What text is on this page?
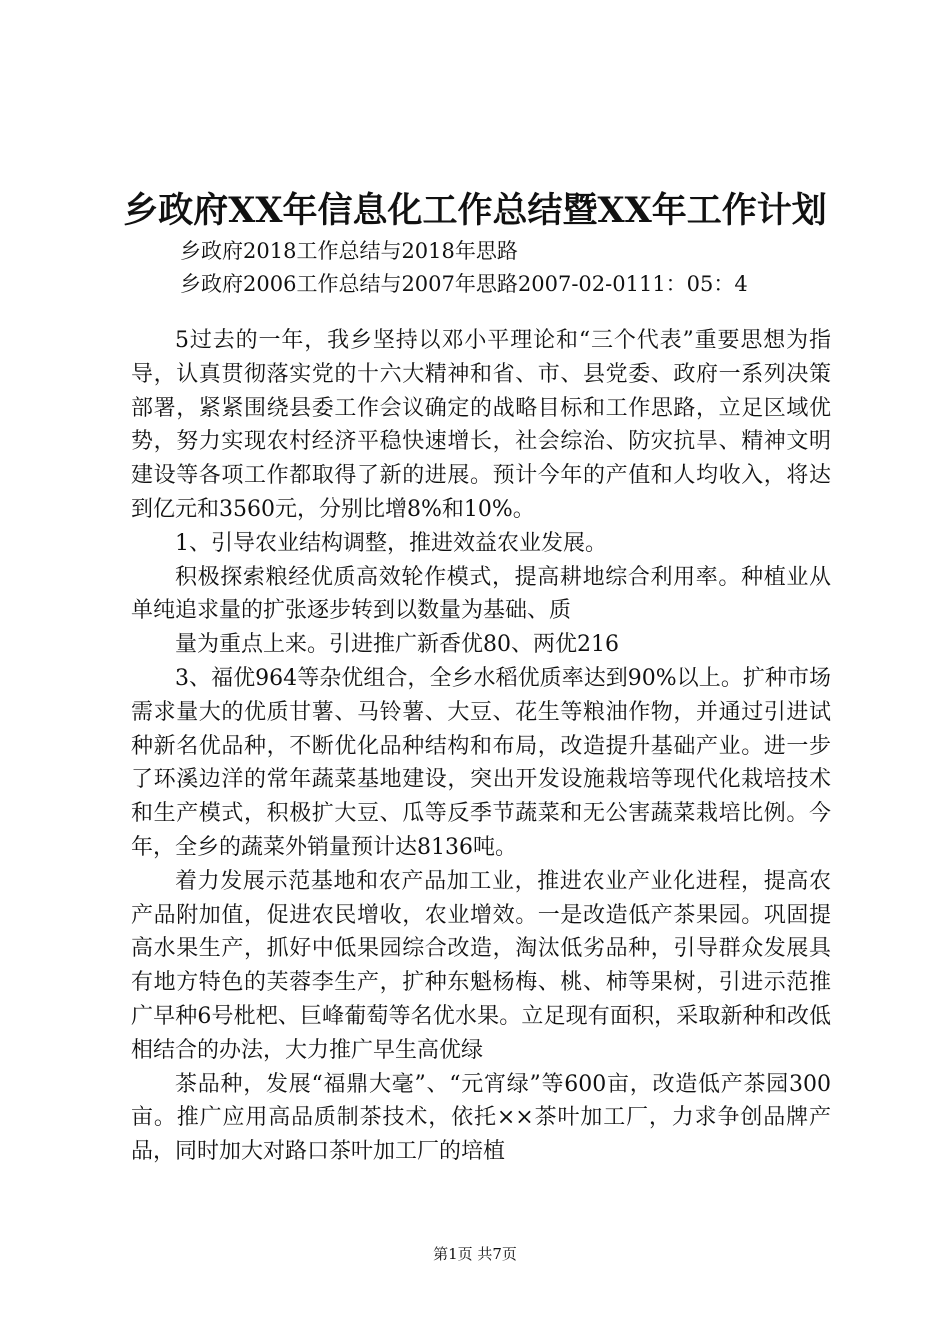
乡政府XX年信息化工作总结暨XX年工作计划
乡政府2018工作总结与2018年思路
乡政府2006工作总结与2007年思路2007-02-0111：05：4

5过去的一年，我乡坚持以邓小平理论和“三个代表”重要思想为指导，认真贯彻落实党的十六大精神和省、市、县党委、政府一系列决策部署，紧紧围绕县委工作会议确定的战略目标和工作思路，立足区域优势，努力实现农村经济平稳快速增长，社会综治、防灾抗旱、精神文明建设等各项工作都取得了新的进展。预计今年的产值和人均收入，将达到亿元和3560元，分别比增8%和10%。

1、引导农业结构调整，推进效益农业发展。

积极探索粮经优质高效轮作模式，提高耕地综合利用率。种植业从单纯追求量的扩张逐步转到以数量为基础、质

量为重点上来。引进推广新香优80、两优216

3、福优964等杂优组合，全乡水稻优质率达到90%以上。扩种市场需求量大的优质甘薯、马铃薯、大豆、花生等粮油作物，并通过引进试种新名优品种，不断优化品种结构和布局，改造提升基础产业。进一步了环溪边洋的常年蔬菜基地建设，突出开发设施栽培等现代化栽培技术和生产模式，积极扩大豆、瓜等反季节蔬菜和无公害蔬菜栽培比例。今年，全乡的蔬菜外销量预计达8136吨。

着力发展示范基地和农产品加工业，推进农业产业化进程，提高农产品附加值，促进农民增收，农业增效。一是改造低产茶果园。巩固提高水果生产，抓好中低果园综合改造，淘汰低劣品种，引导群众发展具有地方特色的芙蓉李生产，扩种东魁杨梅、桃、柿等果树，引进示范推广早种6号枇杷、巨峰葡萄等名优水果。立足现有面积，采取新种和改低相结合的办法，大力推广早生高优绿

茶品种，发展“福鼎大毫”、“元宵绿”等600亩，改造低产茶园300亩。推广应用高品质制茶技术，依托××茶叶加工厂，力求争创品牌产品，同时加大对路口茶叶加工厂的培植

第1页 共7页
